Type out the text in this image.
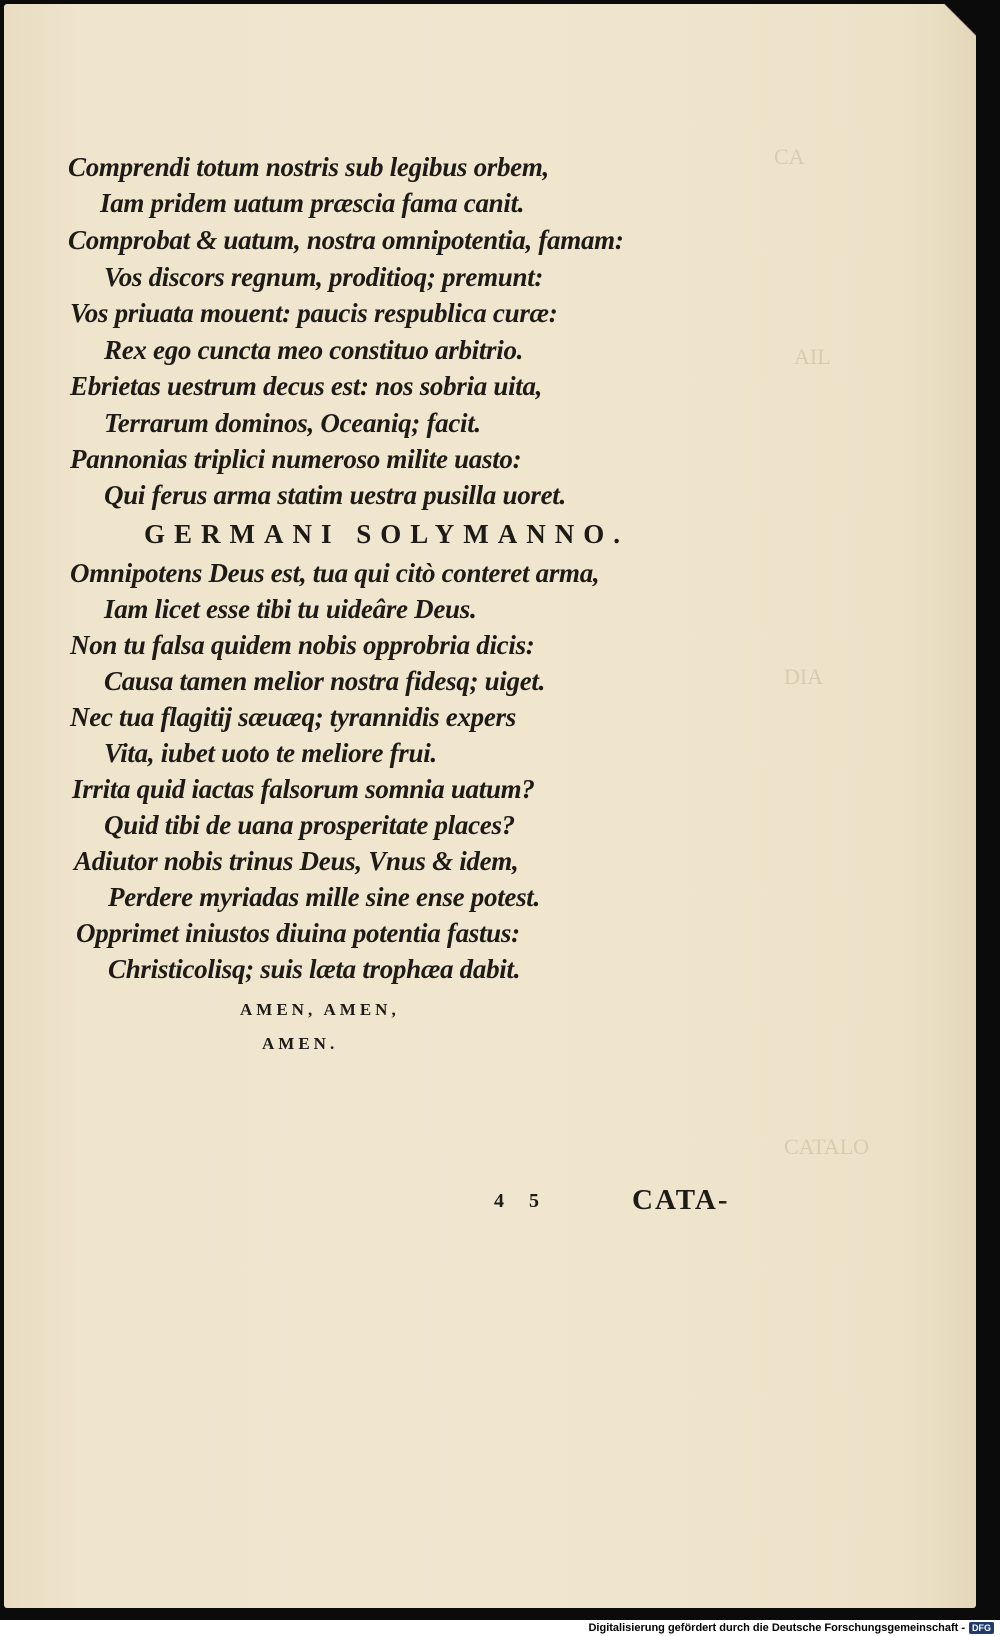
CA
AIL
DIA
CATALO
Comprendi totum nostris sub legibus orbem,
Iam pridem uatum præscia fama canit.
Comprobat & uatum, nostra omnipotentia, famam:
Vos discors regnum, proditioq; premunt:
Vos priuata mouent: paucis respublica curæ:
Rex ego cuncta meo constituo arbitrio.
Ebrietas uestrum decus est: nos sobria uita,
Terrarum dominos, Oceaniq; facit.
Pannonias triplici numeroso milite uasto:
Qui ferus arma statim uestra pusilla uoret.
GERMANI SOLYMANNO.
Omnipotens Deus est, tua qui citò conteret arma,
Iam licet esse tibi tu uideâre Deus.
Non tu falsa quidem nobis opprobria dicis:
Causa tamen melior nostra fidesq; uiget.
Nec tua flagitij sæuæq; tyrannidis expers
Vita, iubet uoto te meliore frui.
Irrita quid iactas falsorum somnia uatum?
Quid tibi de uana prosperitate places?
Adiutor nobis trinus Deus, Vnus & idem,
Perdere myriadas mille sine ense potest.
Opprimet iniustos diuina potentia fastus:
Christicolisq; suis læta trophæa dabit.
AMEN, AMEN,
AMEN.
4 5	CATA-
Digitalisierung gefördert durch die Deutsche Forschungsgemeinschaft - DFG
